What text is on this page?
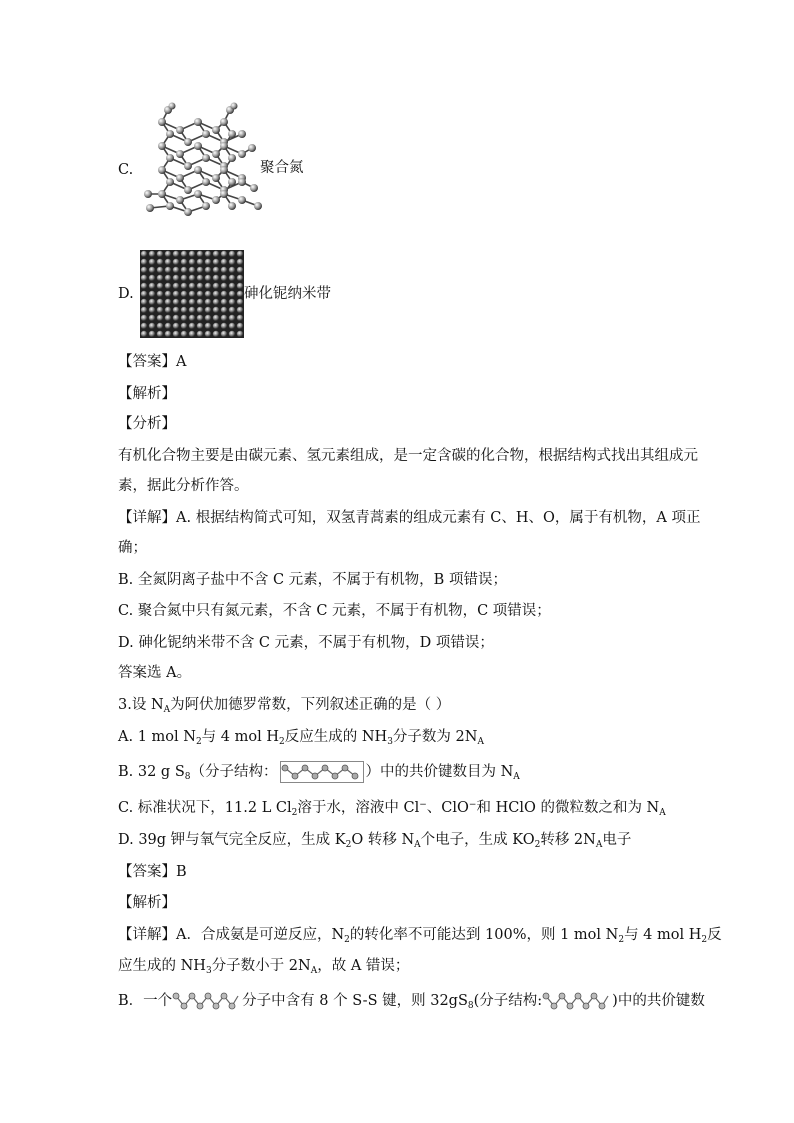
C.	聚合氮
D.	砷化铌纳米带
【答案】A
【解析】
【分析】
有机化合物主要是由碳元素、氢元素组成，是一定含碳的化合物，根据结构式找出其组成元
素，据此分析作答。
【详解】A. 根据结构简式可知，双氢青蒿素的组成元素有 C、H、O，属于有机物，A 项正
确；
B. 全氮阴离子盐中不含 C 元素，不属于有机物，B 项错误；
C. 聚合氮中只有氮元素，不含 C 元素，不属于有机物，C 项错误；
D. 砷化铌纳米带不含 C 元素，不属于有机物，D 项错误；
答案选 A。
3.设 $N_A$为阿伏加德罗常数，下列叙述正确的是（ ）
A. 1 mol $N_2$与 4 mol $H_2$反应生成的 $NH_3$分子数为 $2N_A$
B. 32 g $S_8$（分子结构：	）中的共价键数目为 $N_A$
C. 标准状况下，11.2 L $Cl_2$溶于水，溶液中 Cl−、ClO−和 HClO 的微粒数之和为 $N_A$
D. 39g 钾与氧气完全反应，生成 $K_2O$ 转移 $N_A$个电子，生成 $KO_2$转移 $2N_A$电子
【答案】B
【解析】
【详解】A．合成氨是可逆反应，$N_2$的转化率不可能达到 100%，则 1 mol $N_2$与 4 mol $H_2$反
应生成的 $NH_3$分子数小于 $2N_A$，故 A 错误；
B．一个	分子中含有 8 个 S-S 键，则 $32gS_8$(分子结构:	)中的共价键数
